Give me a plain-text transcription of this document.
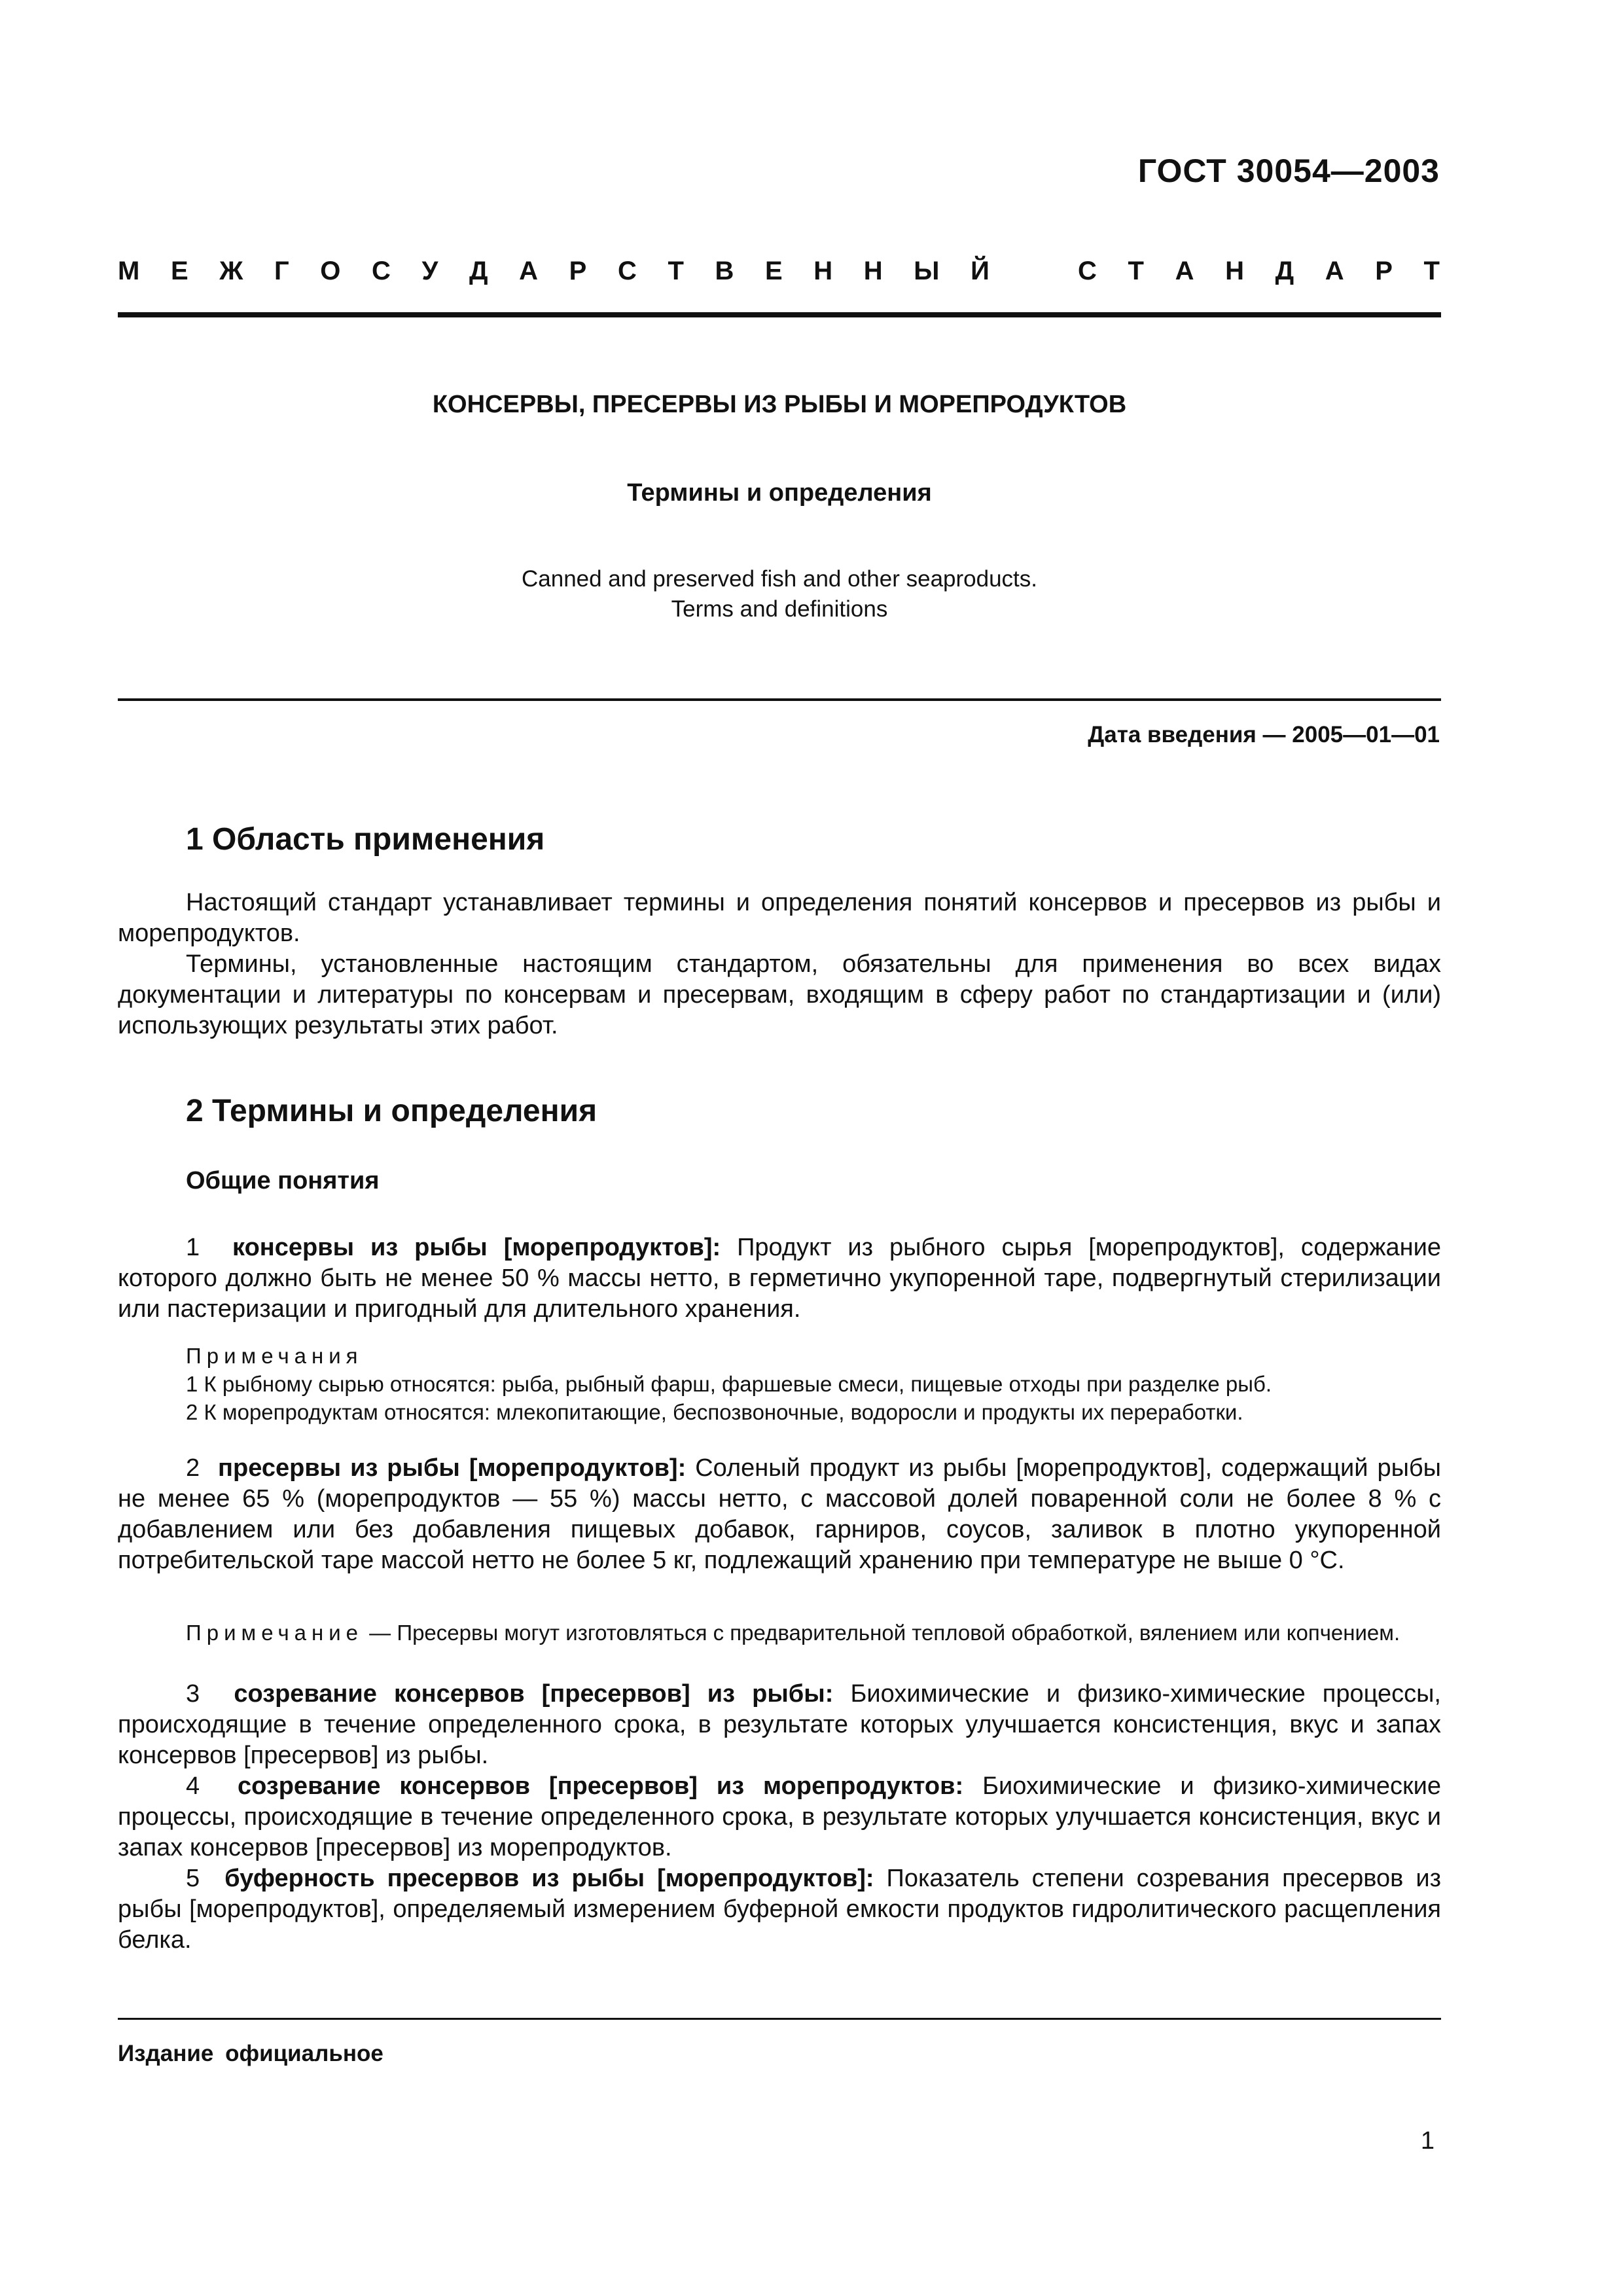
ГОСТ 30054—2003
М Е Ж Г О С У Д А Р С Т В Е Н Н Ы Й	С Т А Н Д А Р Т
КОНСЕРВЫ, ПРЕСЕРВЫ ИЗ РЫБЫ И МОРЕПРОДУКТОВ
Термины и определения
Canned and preserved fish and other seaproducts.
Terms and definitions
Дата введения — 2005—01—01
1 Область применения

Настоящий стандарт устанавливает термины и определения понятий консервов и пресервов из рыбы и морепродуктов.

Термины, установленные настоящим стандартом, обязательны для применения во всех видах документации и литературы по консервам и пресервам, входящим в сферу работ по стандартизации и (или) использующих результаты этих работ.

2 Термины и определения
Общие понятия

1 консервы из рыбы [морепродуктов]: Продукт из рыбного сырья [морепродуктов], содержание которого должно быть не менее 50 % массы нетто, в герметично укупоренной таре, подвергнутый стерилизации или пастеризации и пригодный для длительного хранения.

Примечания

1 К рыбному сырью относятся: рыба, рыбный фарш, фаршевые смеси, пищевые отходы при разделке рыб.

2 К морепродуктам относятся: млекопитающие, беспозвоночные, водоросли и продукты их переработки.

2 пресервы из рыбы [морепродуктов]: Соленый продукт из рыбы [морепродуктов], содержащий рыбы не менее 65 % (морепродуктов — 55 %) массы нетто, с массовой долей поваренной соли не более 8 % с добавлением или без добавления пищевых добавок, гарниров, соусов, заливок в плотно укупоренной потребительской таре массой нетто не более 5 кг, подлежащий хранению при температуре не выше 0 °С.

Примечание — Пресервы могут изготовляться с предварительной тепловой обработкой, вялением или копчением.

3 созревание консервов [пресервов] из рыбы: Биохимические и физико-химические процессы, происходящие в течение определенного срока, в результате которых улучшается консистенция, вкус и запах консервов [пресервов] из рыбы.

4 созревание консервов [пресервов] из морепродуктов: Биохимические и физико-химические процессы, происходящие в течение определенного срока, в результате которых улучшается консистенция, вкус и запах консервов [пресервов] из морепродуктов.

5 буферность пресервов из рыбы [морепродуктов]: Показатель степени созревания пресервов из рыбы [морепродуктов], определяемый измерением буферной емкости продуктов гидролитического расщепления белка.

Издание официальное
1
